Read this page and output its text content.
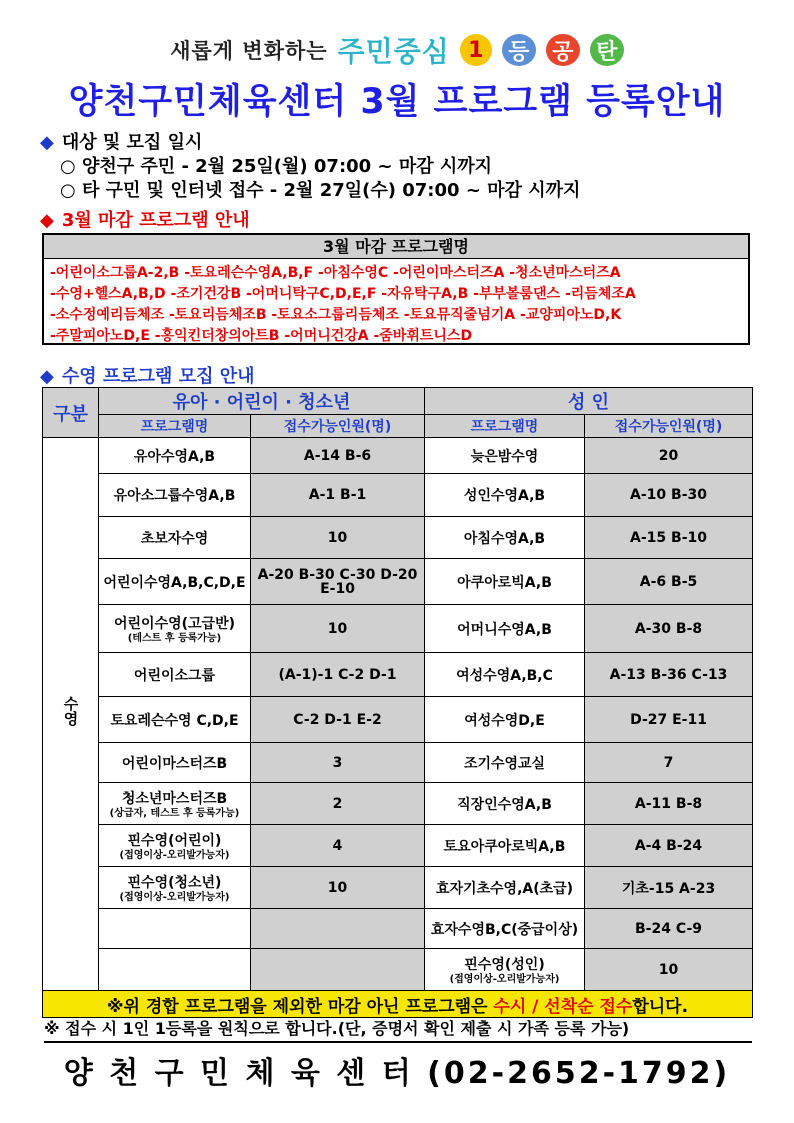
새롭게 변화하는 주민중심 1	등 공 탄
양천구민체육센터 3월 프로그램 등록안내
◆ 대상 및 모집 일시
○ 양천구 주민 - 2월 25일(월) 07:00 ~ 마감 시까지
○ 타 구민 및 인터넷 접수 - 2월 27일(수) 07:00 ~ 마감 시까지
◆ 3월 마감 프로그램 안내
3월 마감 프로그램명
-어린이소그룹A-2,B -토요레슨수영A,B,F -아침수영C -어린이마스터즈A -청소년마스터즈A
-수영+헬스A,B,D -조기건강B -어머니탁구C,D,E,F -자유탁구A,B -부부볼룸댄스 -리듬체조A
-소수정예리듬체조 -토요리듬체조B -토요소그룹리듬체조 -토요뮤직줄넘기A -교양피아노D,K
-주말피아노D,E -홍익킨더창의아트B -어머니건강A -줌바휘트니스D
◆ 수영 프로그램 모집 안내
구분	유아 · 어린이 · 청소년		성 인	
	프로그램명	접수가능인원(명)	프로그램명	접수가능인원(명)
수영	유아수영A,B	A-14 B-6	늦은밤수영	20
	유아소그룹수영A,B	A-1 B-1	성인수영A,B	A-10 B-30
	초보자수영	10	아침수영A,B	A-15 B-10
	어린이수영A,B,C,D,E	A-20 B-30 C-30 D-20 E-10	아쿠아로빅A,B	A-6 B-5
	어린이수영(고급반)
(테스트 후 등록가능)	10	어머니수영A,B	A-30 B-8
	어린이소그룹	(A-1)-1 C-2 D-1	여성수영A,B,C	A-13 B-36 C-13
	토요레슨수영 C,D,E	C-2 D-1 E-2	여성수영D,E	D-27 E-11
	어린이마스터즈B	3	조기수영교실	7
	청소년마스터즈B
(상급자, 테스트 후 등록가능)	2	직장인수영A,B	A-11 B-8
	핀수영(어린이)
(접영이상-오리발가능자)	4	토요아쿠아로빅A,B	A-4 B-24
	핀수영(청소년)
(접영이상-오리발가능자)	10	효자기초수영,A(초급)	기초-15 A-23
			효자수영B,C(중급이상)	B-24 C-9
			핀수영(성인)
(접영이상-오리발가능자)	10
※위 경합 프로그램을 제외한 마감 아닌 프로그램은 수시 / 선착순 접수합니다.				
※ 접수 시 1인 1등록을 원칙으로 합니다.(단, 증명서 확인 제출 시 가족 등록 가능)
양 천 구 민 체 육 센 터 (02-2652-1792)
